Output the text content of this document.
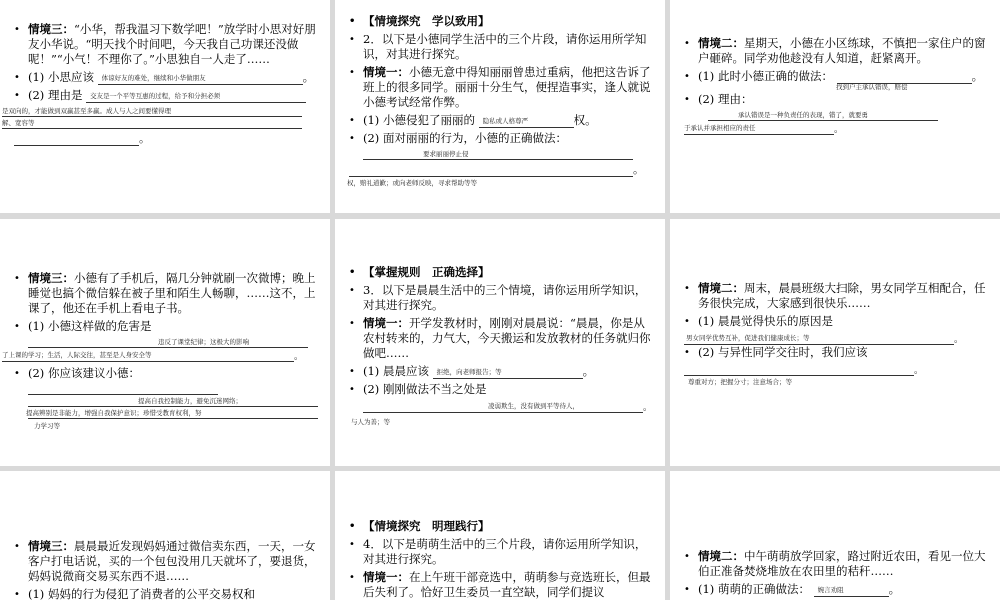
• 情境三：“小华，帮我温习下数学吧！”放学时小思对好朋友小华说。“明天找个时间吧，今天我自己功课还没做呢！”“小气！不理你了。”小思独自一人走了……
• (1) 小思应该 体谅好友的难处，继续和小华做朋友	。
• (2) 理由是 交友是一个平等互惠的过程，给予和分担必须
是双向的，才能做到双赢甚至多赢。成人与人之间要懂得理
解、宽容等
。
• 【情境探究　学以致用】
• 2．以下是小德同学生活中的三个片段，请你运用所学知识，对其进行探究。
• 情境一：小德无意中得知丽丽曾患过重病，他把这告诉了班上的很多同学。丽丽十分生气，便捏造事实，逢人就说小德考试经常作弊。
• (1) 小德侵犯了丽丽的 隐私或人格尊严	权。
• (2) 面对丽丽的行为，小德的正确做法：
要求丽丽停止侵
。
权，赔礼道歉；或向老师反映，寻求帮助等等
• 情境二：星期天，小德在小区练球，不慎把一家住户的窗户砸碎。同学劝他趁没有人知道，赶紧离开。
• (1) 此时小德正确的做法：	。
找到户主承认错误，赔偿
• (2) 理由：
承认错误是一种负责任的表现，错了，就要勇
于承认并承担相应的责任	。
• 情境三：小德有了手机后，隔几分钟就刷一次微博；晚上睡觉也搞个微信躲在被子里和陌生人畅聊，……这不，上课了，他还在手机上看电子书。
• (1) 小德这样做的危害是
违反了课堂纪律；这极大的影响
了上课的学习；生活，人际交往，甚至是人身安全等	。
• (2) 你应该建议小德：
提高自我控制能力，避免沉迷网络；
提高辨别是非能力，增强自我保护意识；珍惜受教育权利，努
力学习等
• 【掌握规则　正确选择】
• 3．以下是晨晨生活中的三个情境，请你运用所学知识，对其进行探究。
• 情境一：开学发教材时，刚刚对晨晨说：“晨晨，你是从农村转来的，力气大，今天搬运和发放教材的任务就归你做吧……
• (1) 晨晨应该 拒绝，向老师报告；等	。
• (2) 刚刚做法不当之处是
凌弱欺生，没有做到平等待人，	。
与人为善；等
• 情境二：周末，晨晨班级大扫除，男女同学互相配合，任务很快完成，大家感到很快乐……
• (1) 晨晨觉得快乐的原因是
男女同学优势互补，促进我们健康成长；等	。
• (2) 与异性同学交往时，我们应该
。
尊重对方；把握分寸；注意场合；等
• 情境三：晨晨最近发现妈妈通过微信卖东西，一天，一女客户打电话说，买的一个包包没用几天就坏了，要退货，妈妈说微商交易买东西不退……
• (1) 妈妈的行为侵犯了消费者的公平交易权和
• 【情境探究　明理践行】
• 4．以下是萌萌生活中的三个片段，请你运用所学知识，对其进行探究。
• 情境一：在上午班干部竞选中，萌萌参与竞选班长，但最后失利了。恰好卫生委员一直空缺，同学们提议
• 情境二：中午萌萌放学回家，路过附近农田，看见一位大伯正准备焚烧堆放在农田里的秸秆……
• (1) 萌萌的正确做法： 婉言劝阻	。
